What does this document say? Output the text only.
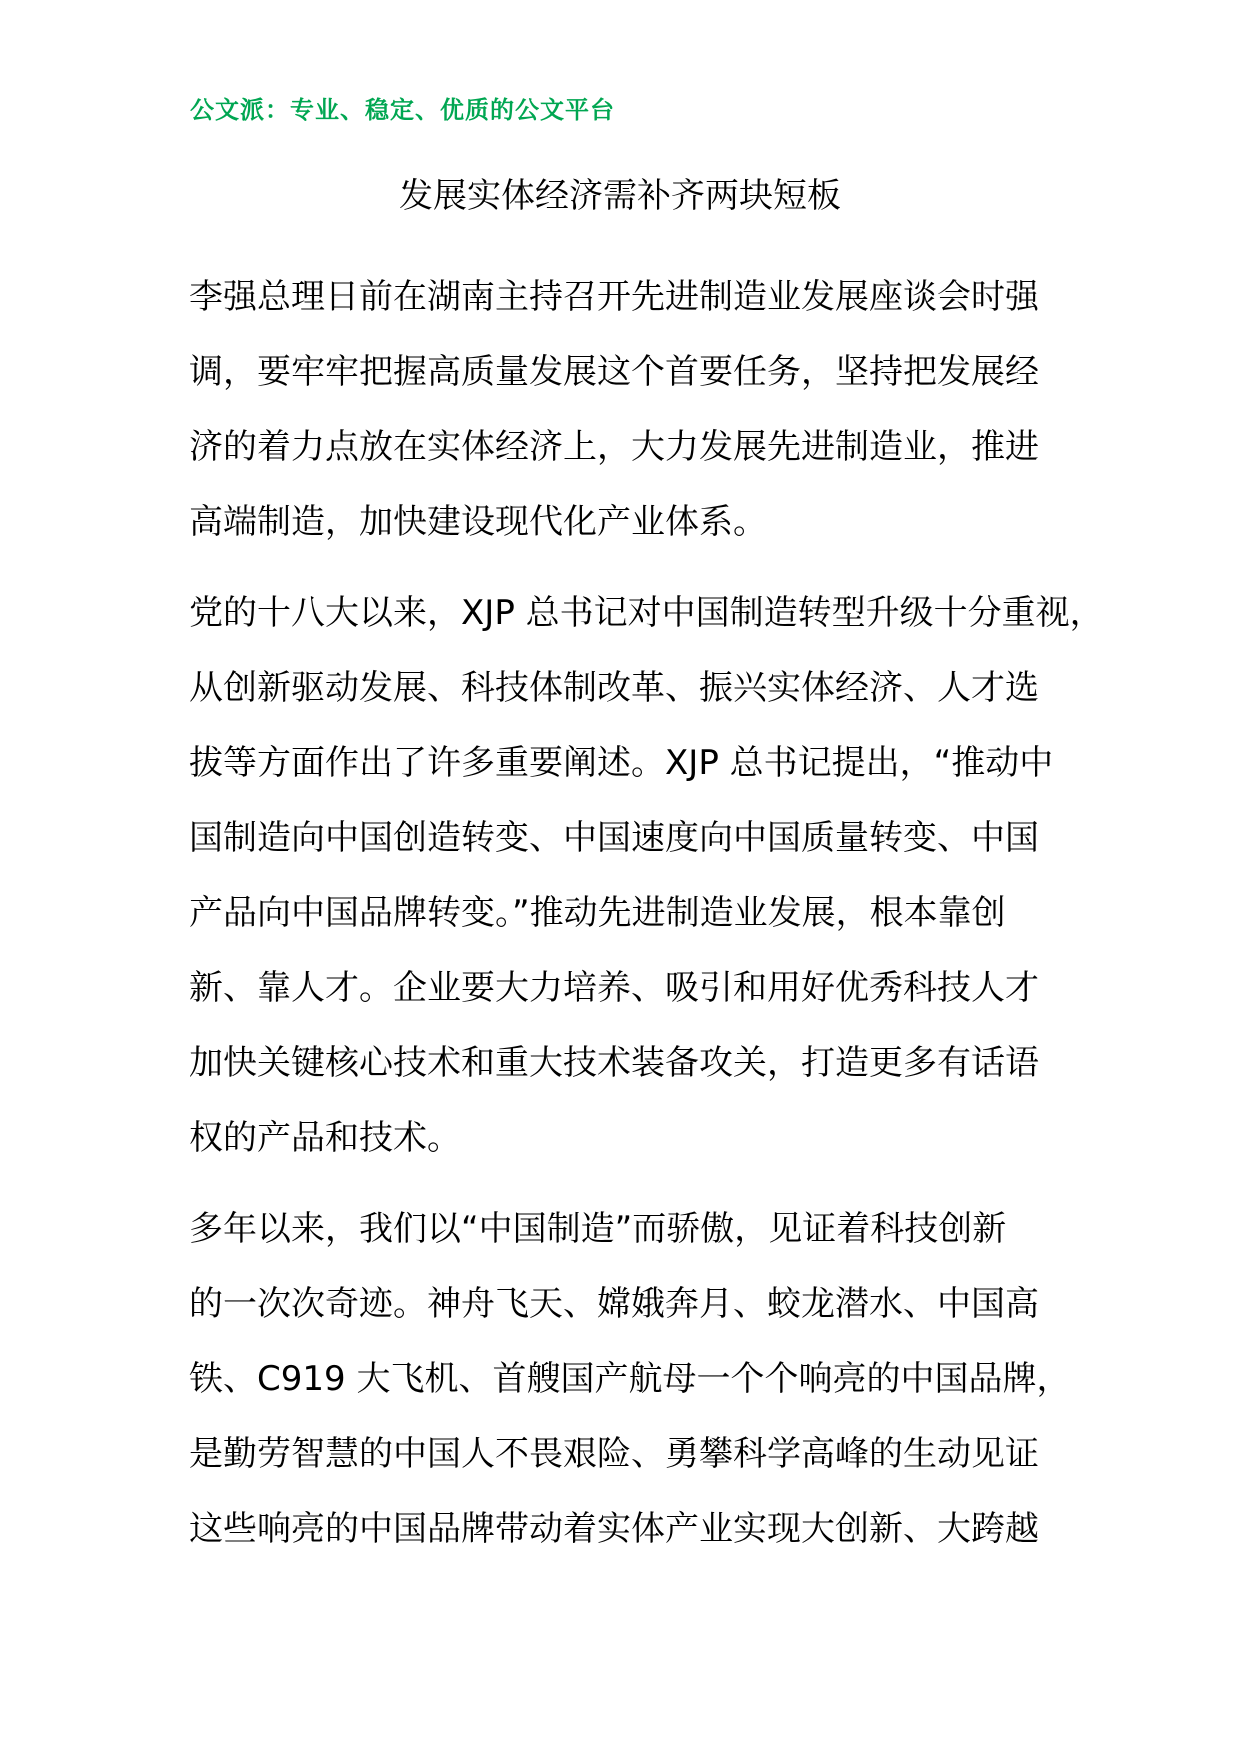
公文派：专业、稳定、优质的公文平台
发展实体经济需补齐两块短板
李强总理日前在湖南主持召开先进制造业发展座谈会时强
调，要牢牢把握高质量发展这个首要任务，坚持把发展经
济的着力点放在实体经济上，大力发展先进制造业，推进
高端制造，加快建设现代化产业体系。
党的十八大以来，XJP 总书记对中国制造转型升级十分重视，
从创新驱动发展、科技体制改革、振兴实体经济、人才选
拔等方面作出了许多重要阐述。XJP 总书记提出，“推动中
国制造向中国创造转变、中国速度向中国质量转变、中国
产品向中国品牌转变。”推动先进制造业发展，根本靠创
新、靠人才。企业要大力培养、吸引和用好优秀科技人才
加快关键核心技术和重大技术装备攻关，打造更多有话语
权的产品和技术。
多年以来，我们以“中国制造”而骄傲，见证着科技创新
的一次次奇迹。神舟飞天、嫦娥奔月、蛟龙潜水、中国高
铁、C919 大飞机、首艘国产航母一个个响亮的中国品牌，
是勤劳智慧的中国人不畏艰险、勇攀科学高峰的生动见证
这些响亮的中国品牌带动着实体产业实现大创新、大跨越
